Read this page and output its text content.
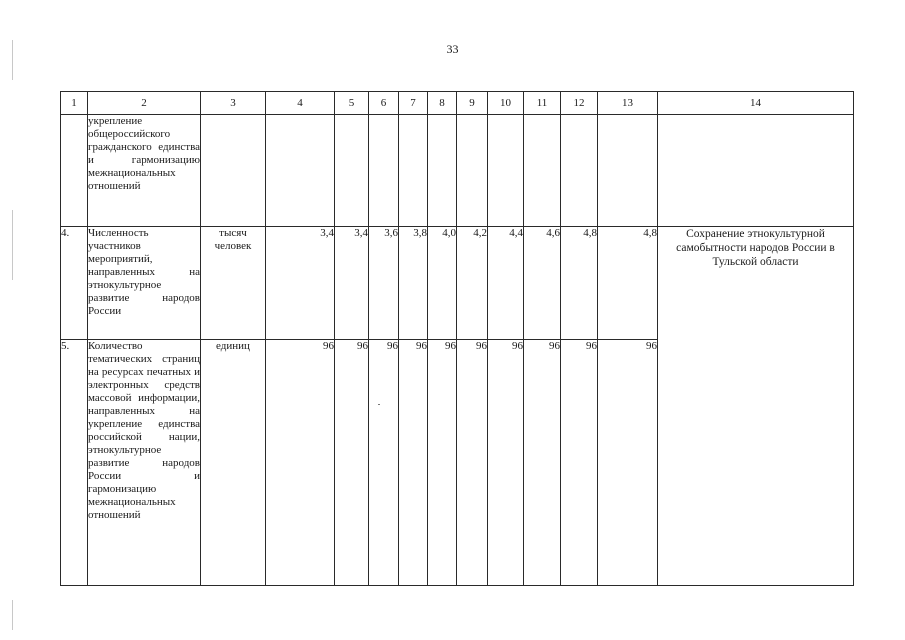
33
1	2	3	4	5	6	7	8	9	10	11	12	13	14
	укрепление общероссийского гражданского единства и гармонизацию межнациональных отношений												
4.	Численность участников мероприятий, направленных на этнокультурное развитие народов России	тысяч человек	3,4	3,4	3,6	3,8	4,0	4,2	4,4	4,6	4,8	4,8	Сохранение этнокультурной самобытности народов России в Тульской области
5.	Количество тематических страниц на ресурсах печатных и электронных средств массовой информации, направленных на укрепление единства российской нации, этнокультурное развитие народов России и гармонизацию межнациональных отношений	единиц	96	96	96	96	96	96	96	96	96	96	
